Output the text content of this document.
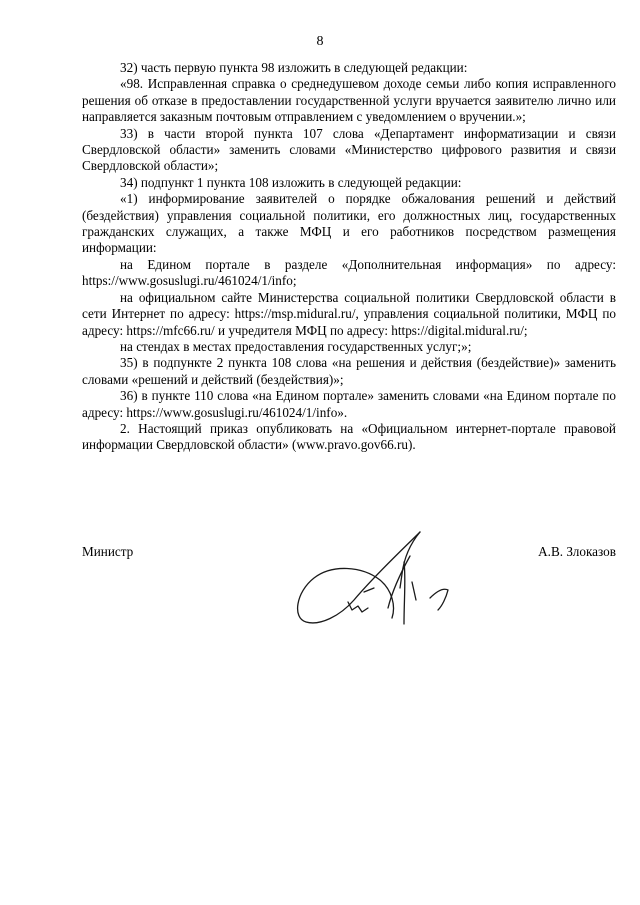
8

32) часть первую пункта 98 изложить в следующей редакции:

«98. Исправленная справка о среднедушевом доходе семьи либо копия исправленного решения об отказе в предоставлении государственной услуги вручается заявителю лично или направляется заказным почтовым отправлением с уведомлением о вручении.»;

33) в части второй пункта 107 слова «Департамент информатизации и связи Свердловской области» заменить словами «Министерство цифрового развития и связи Свердловской области»;

34) подпункт 1 пункта 108 изложить в следующей редакции:

«1) информирование заявителей о порядке обжалования решений и действий (бездействия) управления социальной политики, его должностных лиц, государственных гражданских служащих, а также МФЦ и его работников посредством размещения информации:

на Едином портале в разделе «Дополнительная информация» по адресу: https://www.gosuslugi.ru/461024/1/info;

на официальном сайте Министерства социальной политики Свердловской области в сети Интернет по адресу: https://msp.midural.ru/, управления социальной политики, МФЦ по адресу: https://mfc66.ru/ и учредителя МФЦ по адресу: https://digital.midural.ru/;

на стендах в местах предоставления государственных услуг;»;

35) в подпункте 2 пункта 108 слова «на решения и действия (бездействие)» заменить словами «решений и действий (бездействия)»;

36) в пункте 110 слова «на Едином портале» заменить словами «на Едином портале по адресу: https://www.gosuslugi.ru/461024/1/info».

2. Настоящий приказ опубликовать на «Официальном интернет-портале правовой информации Свердловской области» (www.pravo.gov66.ru).

Министр	А.В. Злоказов
